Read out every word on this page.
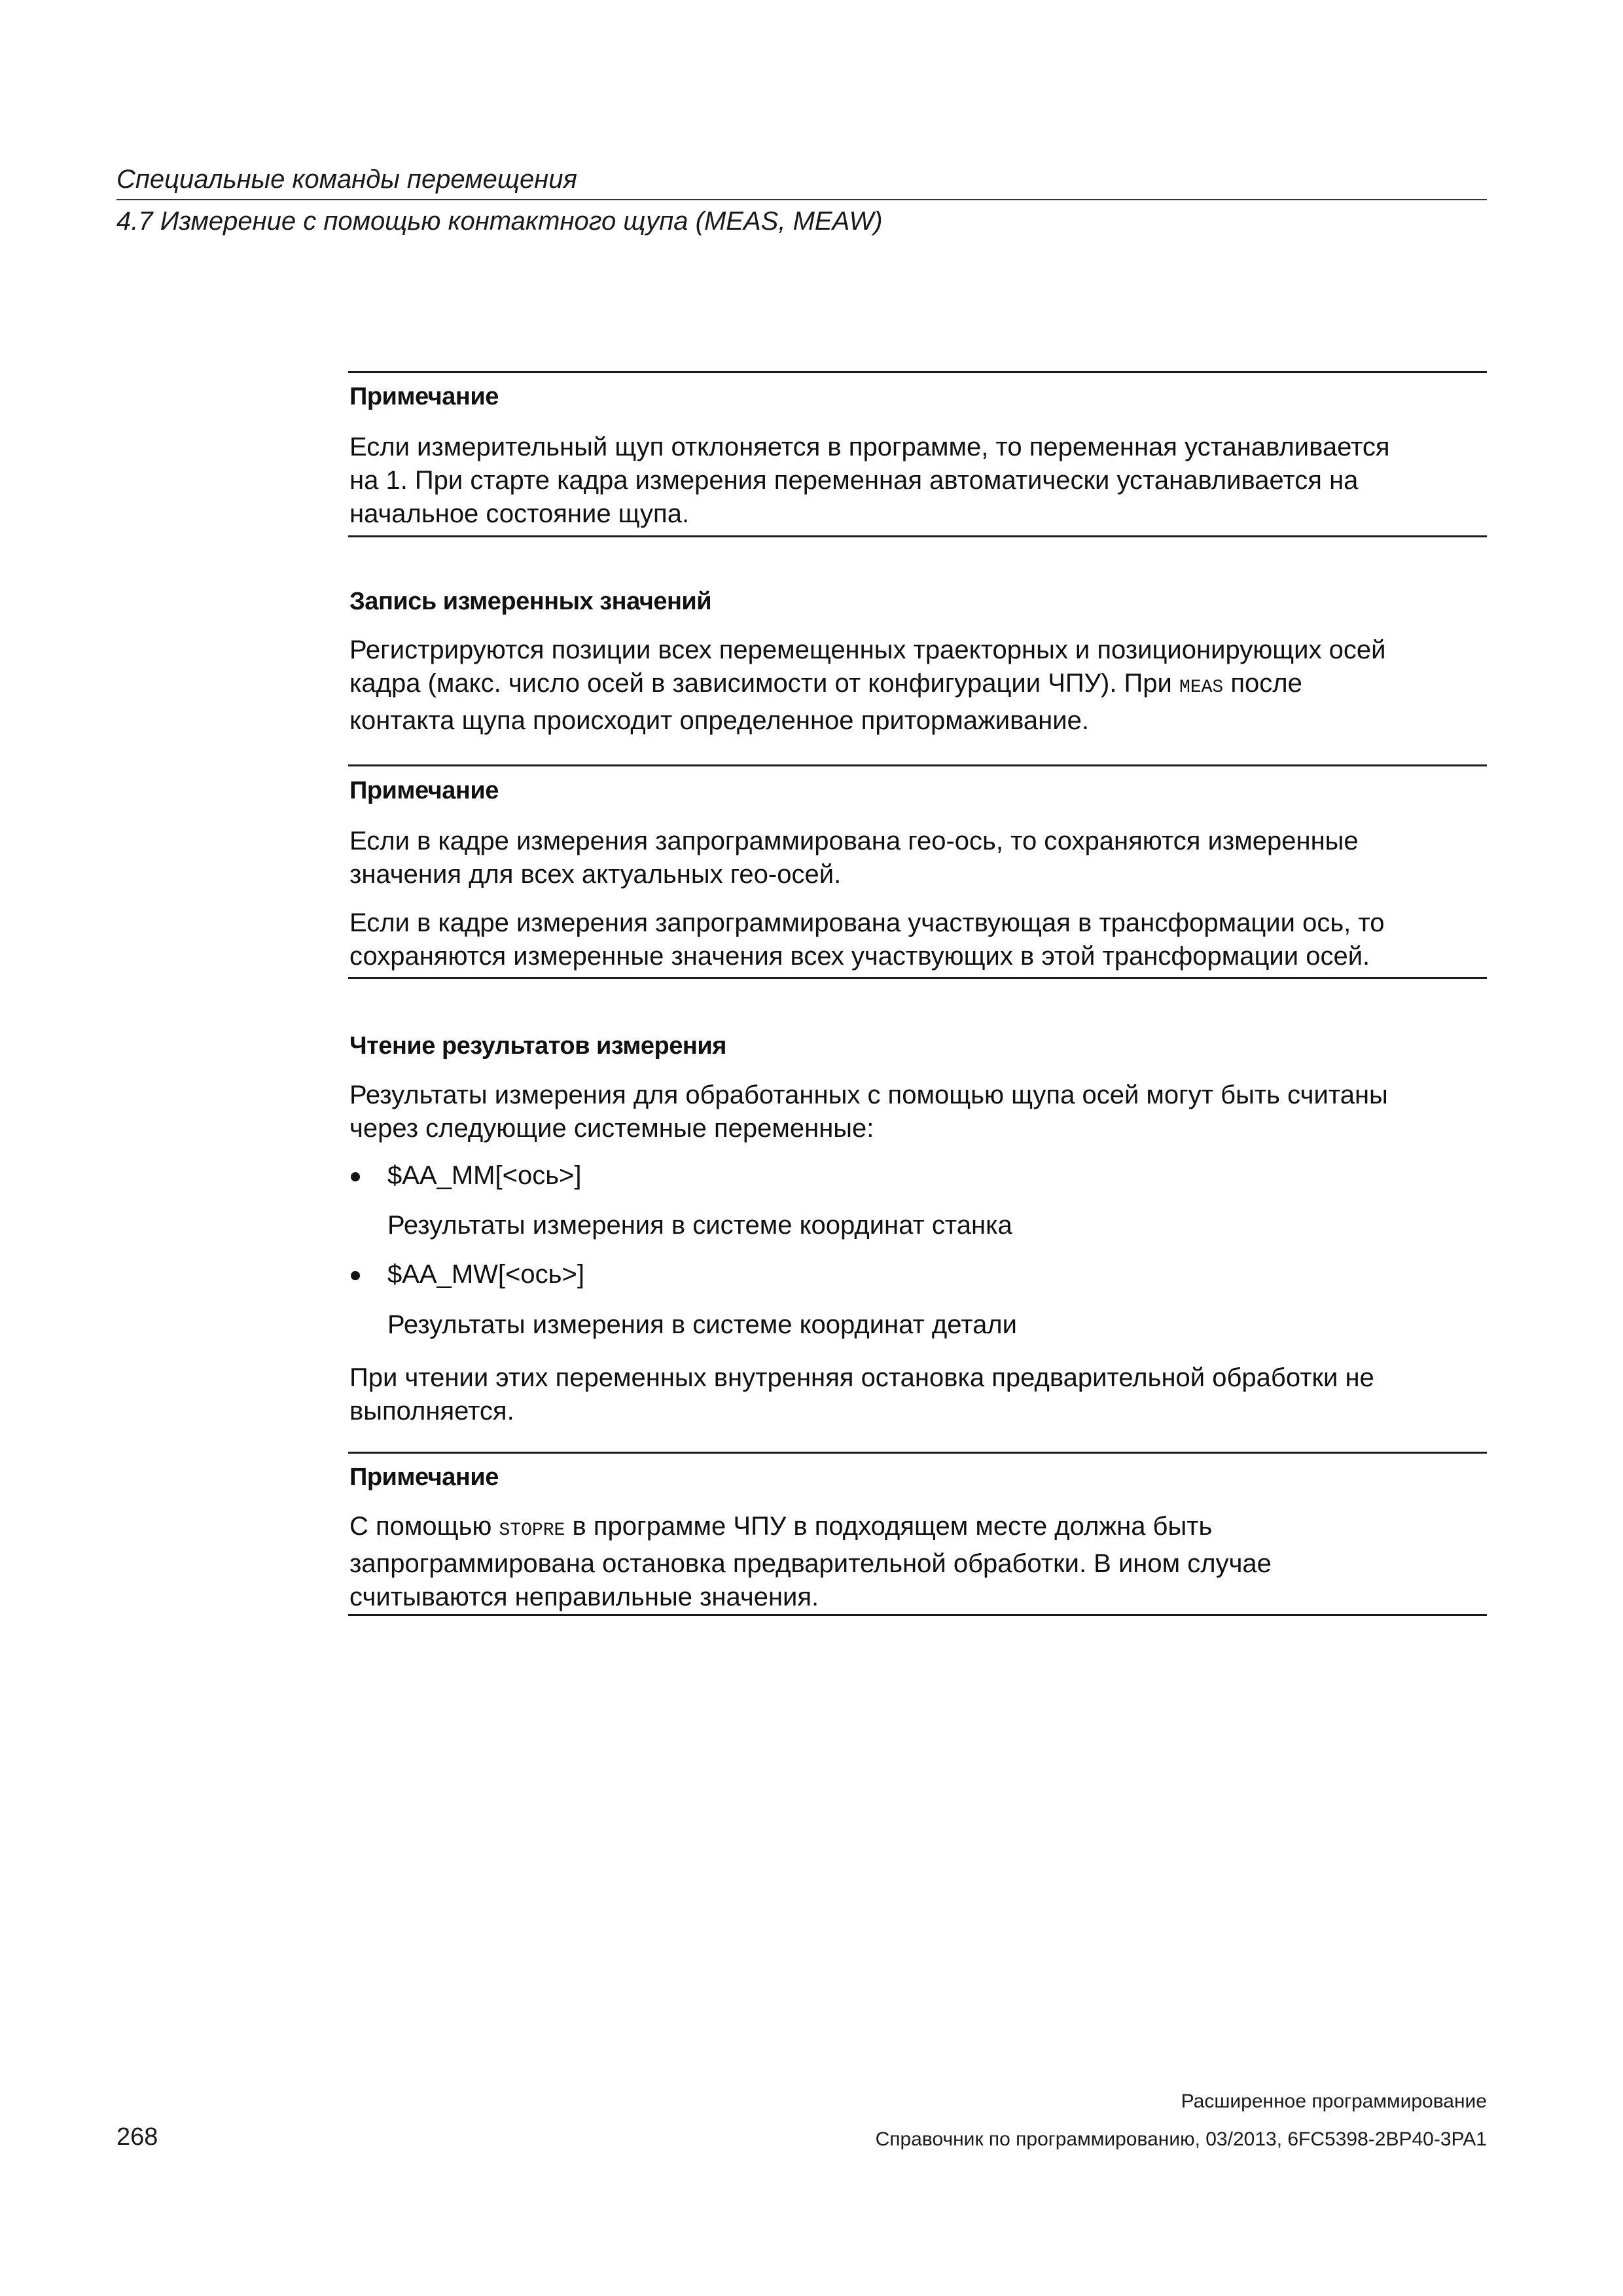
Специальные команды перемещения
4.7 Измерение с помощью контактного щупа (MEAS, MEAW)
Примечание
Если измерительный щуп отклоняется в программе, то переменная устанавливается
на 1. При старте кадра измерения переменная автоматически устанавливается на
начальное состояние щупа.
Запись измеренных значений
Регистрируются позиции всех перемещенных траекторных и позиционирующих осей
кадра (макс. число осей в зависимости от конфигурации ЧПУ). При MEAS после
контакта щупа происходит определенное притормаживание.
Примечание
Если в кадре измерения запрограммирована гео-ось, то сохраняются измеренные
значения для всех актуальных гео-осей.
Если в кадре измерения запрограммирована участвующая в трансформации ось, то
сохраняются измеренные значения всех участвующих в этой трансформации осей.
Чтение результатов измерения
Результаты измерения для обработанных с помощью щупа осей могут быть считаны
через следующие системные переменные:
$AA_MM[<ось>]
Результаты измерения в системе координат станка
$AA_MW[<ось>]
Результаты измерения в системе координат детали
При чтении этих переменных внутренняя остановка предварительной обработки не
выполняется.
Примечание
С помощью STOPRE в программе ЧПУ в подходящем месте должна быть
запрограммирована остановка предварительной обработки. В ином случае
считываются неправильные значения.
Расширенное программирование
268	Справочник по программированию, 03/2013, 6FC5398-2BP40-3PA1
